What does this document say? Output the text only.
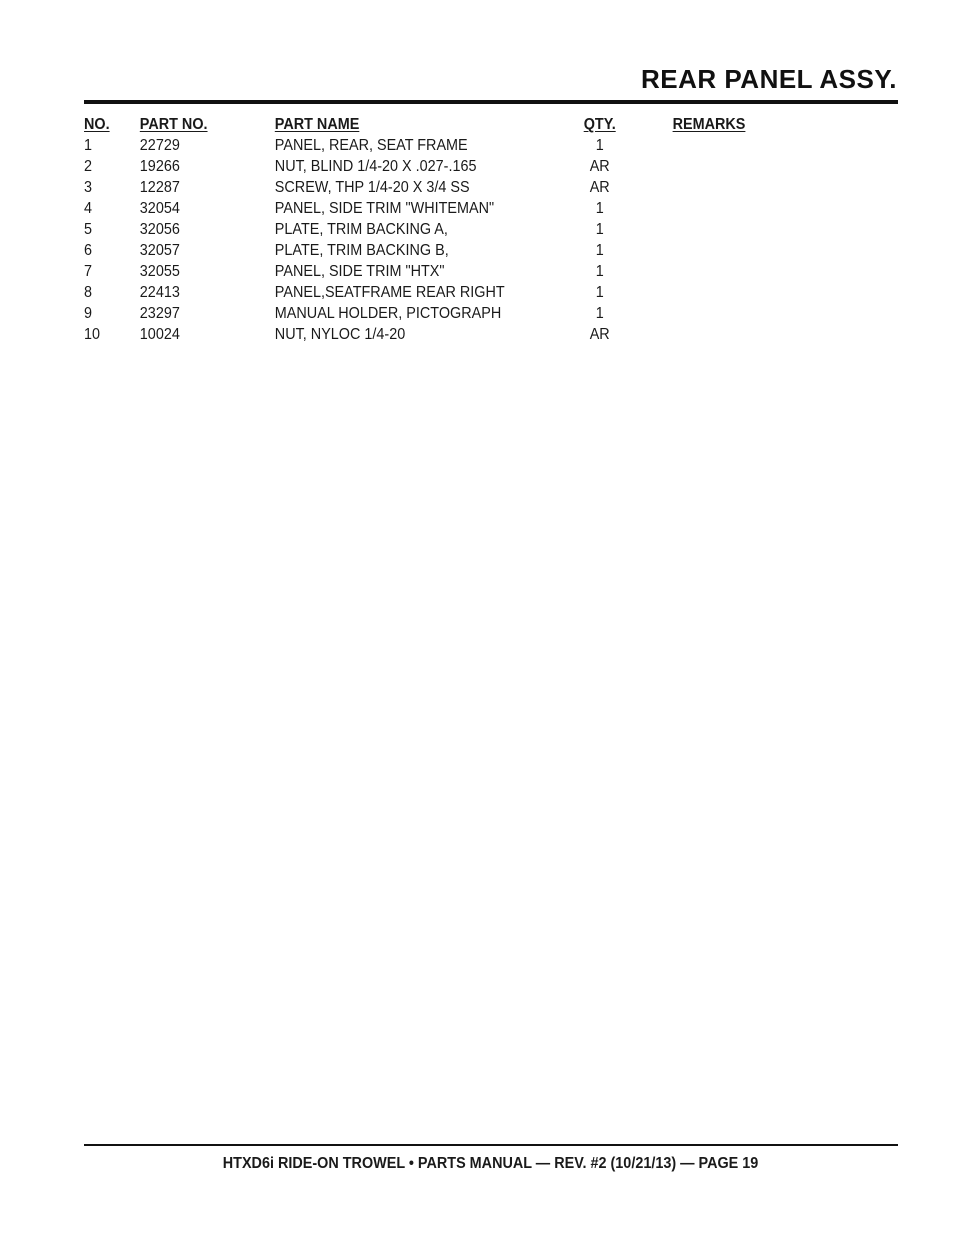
REAR PANEL ASSY.
NO. PART NO.	PART NAME	QTY.	REMARKS
1	22729	PANEL, REAR, SEAT FRAME	1
2	19266	NUT, BLIND 1/4-20 X .027-.165	AR
3	12287	SCREW, THP 1/4-20 X 3/4 SS	AR
4	32054	PANEL, SIDE TRIM "WHITEMAN"	1
5	32056	PLATE, TRIM BACKING A,	1
6	32057	PLATE, TRIM BACKING B,	1
7	32055	PANEL, SIDE TRIM "HTX"	1
8	22413	PANEL,SEATFRAME REAR RIGHT	1
9	23297	MANUAL HOLDER, PICTOGRAPH	1
10 10024	NUT, NYLOC 1/4-20	AR
HTXD6i RIDE-ON TROWEL • PARTS MANUAL — REV. #2 (10/21/13) — PAGE 19
